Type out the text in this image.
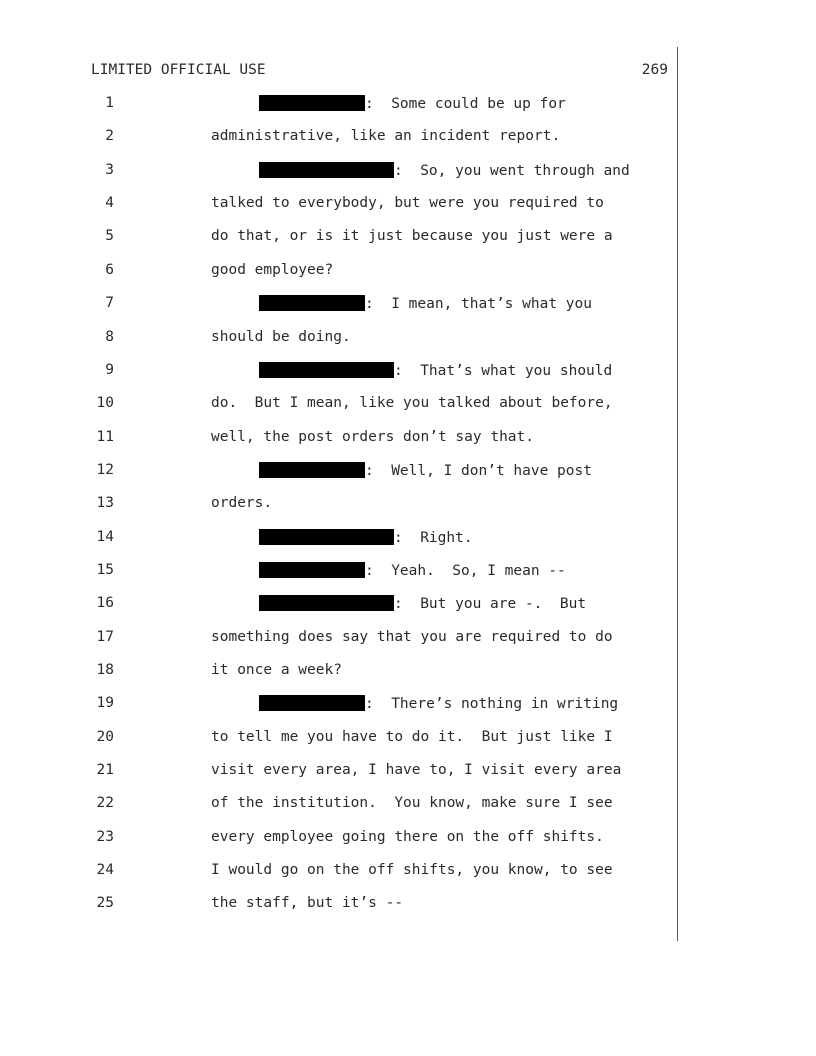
LIMITED OFFICIAL USE	269
1	:  Some could be up for
2	administrative, like an incident report.
3	:  So, you went through and
4	talked to everybody, but were you required to
5	do that, or is it just because you just were a
6	good employee?
7	:  I mean, that’s what you
8	should be doing.
9	:  That’s what you should
10	do.  But I mean, like you talked about before,
11	well, the post orders don’t say that.
12	:  Well, I don’t have post
13	orders.
14	:  Right.
15	:  Yeah.  So, I mean --
16	:  But you are -.  But
17	something does say that you are required to do
18	it once a week?
19	:  There’s nothing in writing
20	to tell me you have to do it.  But just like I
21	visit every area, I have to, I visit every area
22	of the institution.  You know, make sure I see
23	every employee going there on the off shifts.
24	I would go on the off shifts, you know, to see
25	the staff, but it’s --
